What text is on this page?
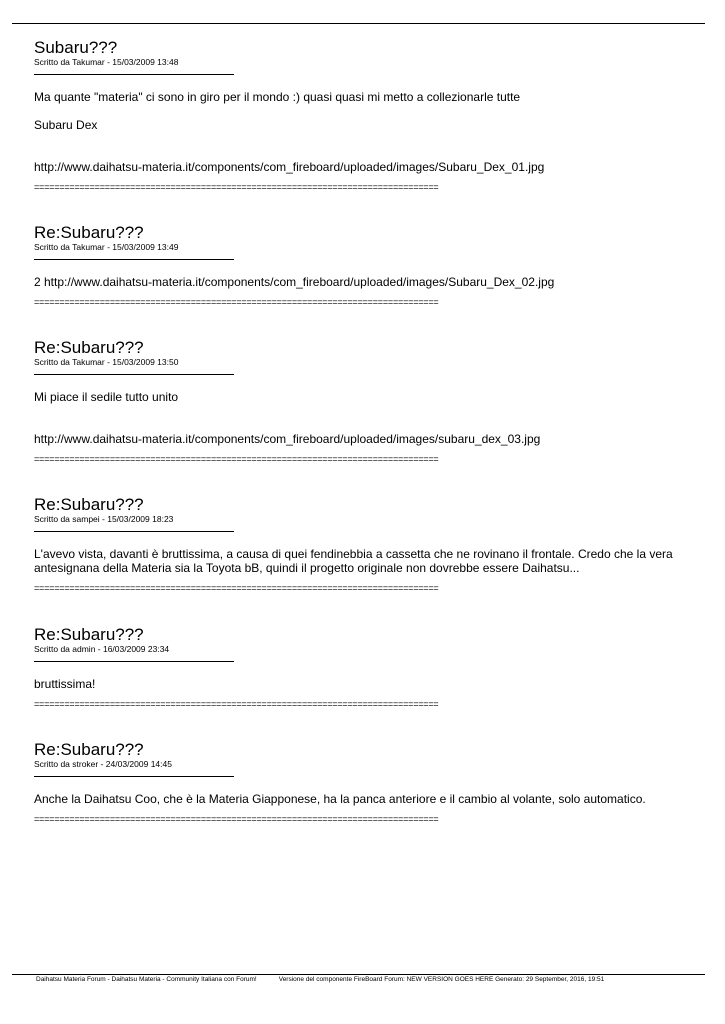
Subaru???

Scritto da Takumar - 15/03/2009 13:48

Ma quante "materia" ci sono in giro per il mondo :) quasi quasi mi metto a collezionarle tutte

Subaru Dex

http://www.daihatsu-materia.it/components/com_fireboard/uploaded/images/Subaru_Dex_01.jpg

================================================================================

Re:Subaru???

Scritto da Takumar - 15/03/2009 13:49

2 http://www.daihatsu-materia.it/components/com_fireboard/uploaded/images/Subaru_Dex_02.jpg

================================================================================

Re:Subaru???

Scritto da Takumar - 15/03/2009 13:50

Mi piace il sedile tutto unito

http://www.daihatsu-materia.it/components/com_fireboard/uploaded/images/subaru_dex_03.jpg

================================================================================

Re:Subaru???

Scritto da sampei - 15/03/2009 18:23

L'avevo vista, davanti è bruttissima, a causa di quei fendinebbia a cassetta che ne rovinano il frontale. Credo che la vera antesignana della Materia sia la Toyota bB, quindi il progetto originale non dovrebbe essere Daihatsu...

================================================================================

Re:Subaru???

Scritto da admin - 16/03/2009 23:34

bruttissima!

================================================================================

Re:Subaru???

Scritto da stroker - 24/03/2009 14:45

Anche la Daihatsu Coo, che è la Materia Giapponese, ha la panca anteriore e il cambio al volante, solo automatico.

================================================================================

Daihatsu Materia Forum - Daihatsu Materia - Community Italiana con Forum!	Versione del componente FireBoard Forum: NEW VERSION GOES HERE Generato: 29 September, 2016, 19:51
